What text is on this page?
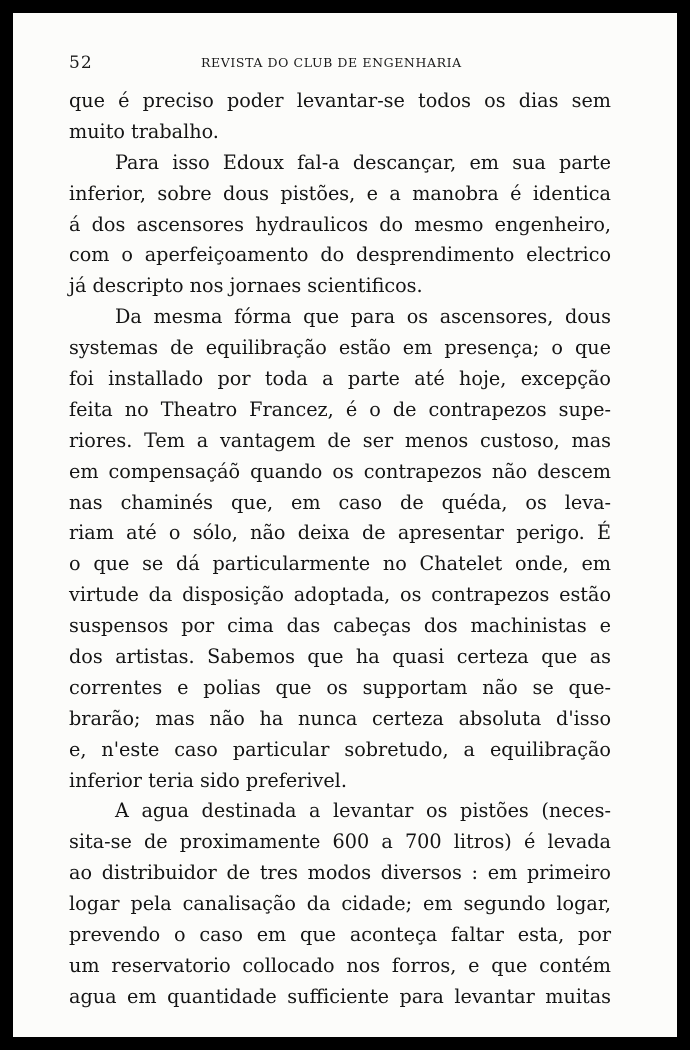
52	REVISTA DO CLUB DE ENGENHARIA
que é preciso poder levantar-se todos os dias sem
muito trabalho.
Para isso Edoux fal-a descançar, em sua parte
inferior, sobre dous pistões, e a manobra é identica
á dos ascensores hydraulicos do mesmo engenheiro,
com o aperfeiçoamento do desprendimento electrico
já descripto nos jornaes scientificos.
Da mesma fórma que para os ascensores, dous
systemas de equilibração estão em presença; o que
foi installado por toda a parte até hoje, excepção
feita no Theatro Francez, é o de contrapezos supe-
riores. Tem a vantagem de ser menos custoso, mas
em compensaçáõ quando os contrapezos não descem
nas chaminés que, em caso de quéda, os leva-
riam até o sólo, não deixa de apresentar perigo. É
o que se dá particularmente no Chatelet onde, em
virtude da disposição adoptada, os contrapezos estão
suspensos por cima das cabeças dos machinistas e
dos artistas. Sabemos que ha quasi certeza que as
correntes e polias que os supportam não se que-
brarão; mas não ha nunca certeza absoluta d'isso
e, n'este caso particular sobretudo, a equilibração
inferior teria sido preferivel.
A agua destinada a levantar os pistões (neces-
sita-se de proximamente 600 a 700 litros) é levada
ao distribuidor de tres modos diversos : em primeiro
logar pela canalisação da cidade; em segundo logar,
prevendo o caso em que aconteça faltar esta, por
um reservatorio collocado nos forros, e que contém
agua em quantidade sufficiente para levantar muitas
